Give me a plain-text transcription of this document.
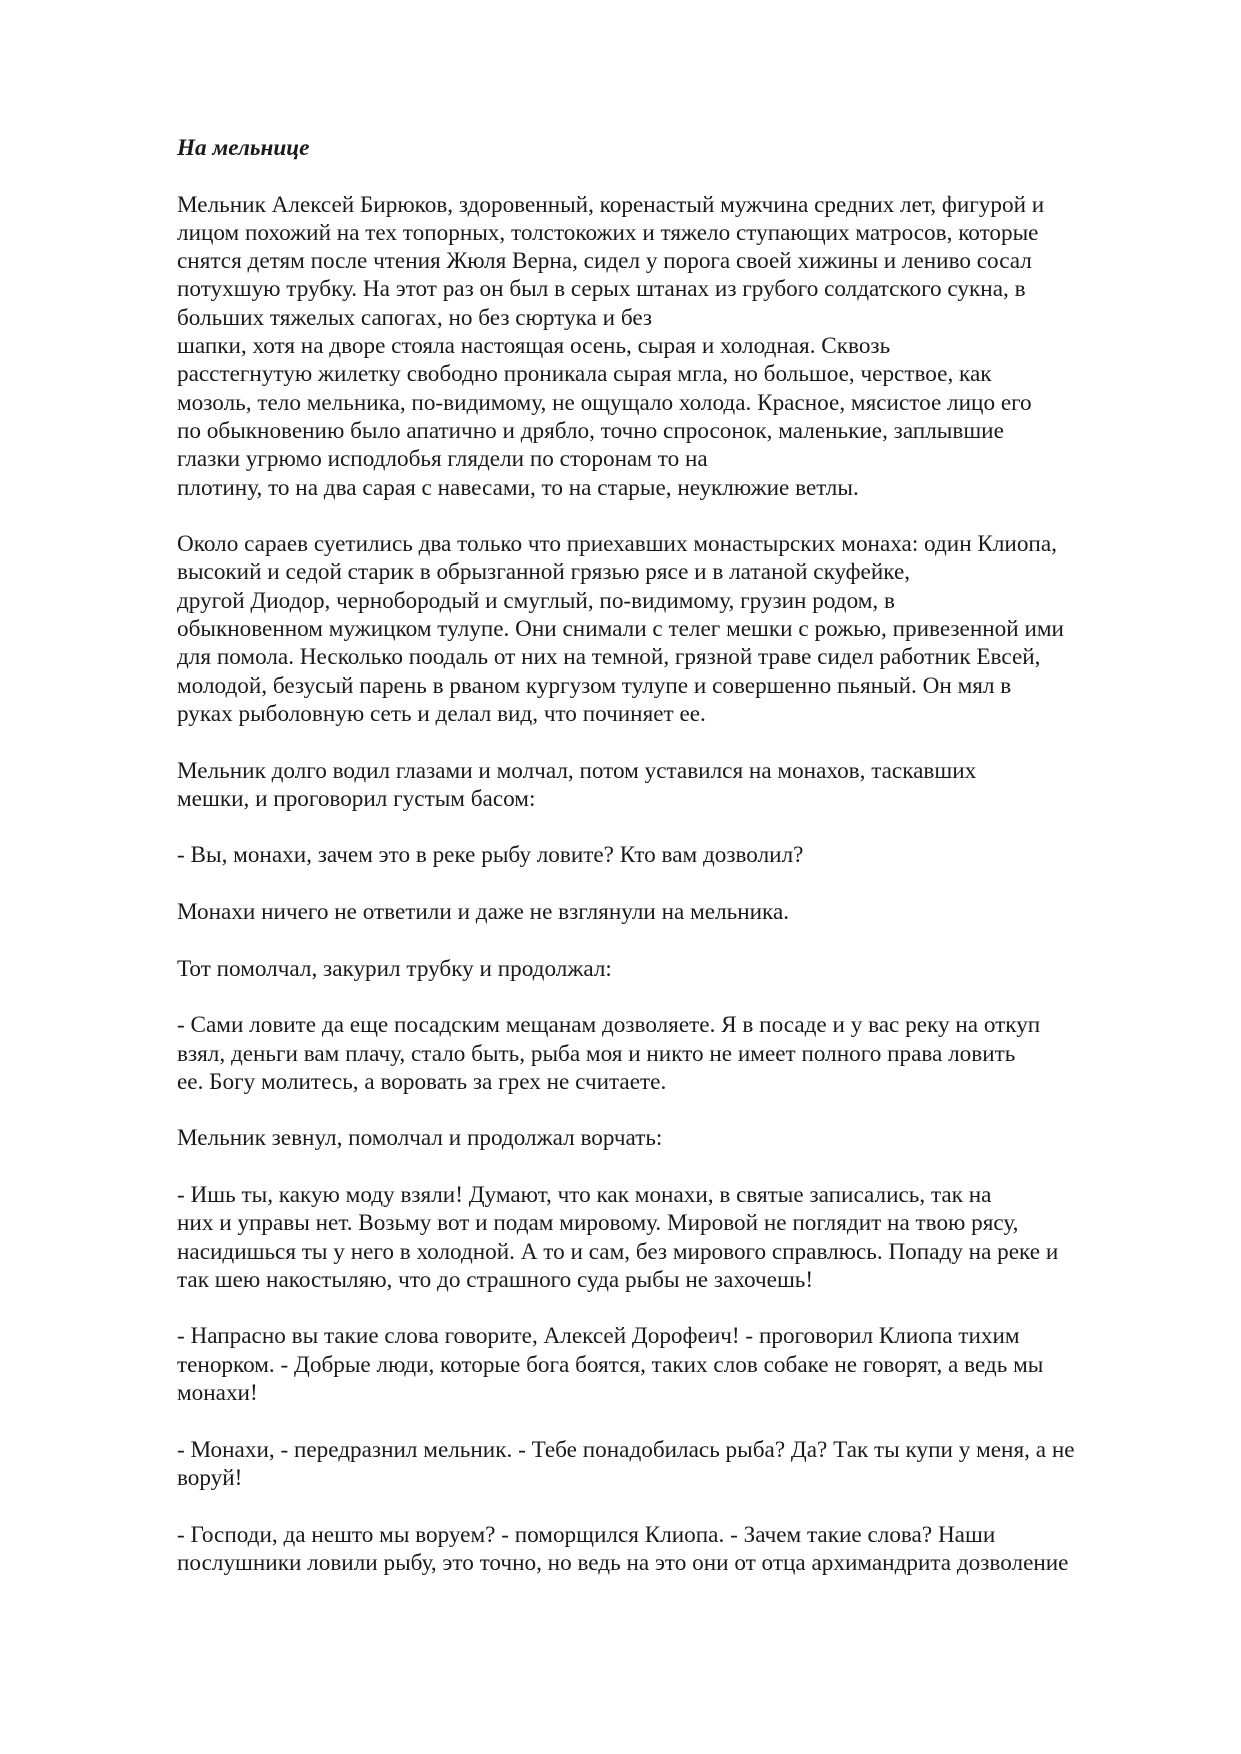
На мельнице
Мельник Алексей Бирюков, здоровенный, коренастый мужчина средних лет, фигурой и
лицом похожий на тех топорных, толстокожих и тяжело ступающих матросов, которые
снятся детям после чтения Жюля Верна, сидел у порога своей хижины и лениво сосал
потухшую трубку. На этот раз он был в серых штанах из грубого солдатского сукна, в
больших тяжелых сапогах, но без сюртука и без
шапки, хотя на дворе стояла настоящая осень, сырая и холодная. Сквозь
расстегнутую жилетку свободно проникала сырая мгла, но большое, черствое, как
мозоль, тело мельника, по-видимому, не ощущало холода. Красное, мясистое лицо его
по обыкновению было апатично и дрябло, точно спросонок, маленькие, заплывшие
глазки угрюмо исподлобья глядели по сторонам то на
плотину, то на два сарая с навесами, то на старые, неуклюжие ветлы.
Около сараев суетились два только что приехавших монастырских монаха: один Клиопа,
высокий и седой старик в обрызганной грязью рясе и в латаной скуфейке,
другой Диодор, чернобородый и смуглый, по-видимому, грузин родом, в
обыкновенном мужицком тулупе. Они снимали с телег мешки с рожью, привезенной ими
для помола. Несколько поодаль от них на темной, грязной траве сидел работник Евсей,
молодой, безусый парень в рваном кургузом тулупе и совершенно пьяный. Он мял в
руках рыболовную сеть и делал вид, что починяет ее.
Мельник долго водил глазами и молчал, потом уставился на монахов, таскавших
мешки, и проговорил густым басом:
- Вы, монахи, зачем это в реке рыбу ловите? Кто вам дозволил?
Монахи ничего не ответили и даже не взглянули на мельника.
Тот помолчал, закурил трубку и продолжал:
- Сами ловите да еще посадским мещанам дозволяете. Я в посаде и у вас реку на откуп
взял, деньги вам плачу, стало быть, рыба моя и никто не имеет полного права ловить
ее. Богу молитесь, а воровать за грех не считаете.
Мельник зевнул, помолчал и продолжал ворчать:
- Ишь ты, какую моду взяли! Думают, что как монахи, в святые записались, так на
них и управы нет. Возьму вот и подам мировому. Мировой не поглядит на твою рясу,
насидишься ты у него в холодной. А то и сам, без мирового справлюсь. Попаду на реке и
так шею накостыляю, что до страшного суда рыбы не захочешь!
- Напрасно вы такие слова говорите, Алексей Дорофеич! - проговорил Клиопа тихим
тенорком. - Добрые люди, которые бога боятся, таких слов собаке не говорят, а ведь мы
монахи!
- Монахи, - передразнил мельник. - Тебе понадобилась рыба? Да? Так ты купи у меня, а не
воруй!
- Господи, да нешто мы воруем? - поморщился Клиопа. - Зачем такие слова? Наши
послушники ловили рыбу, это точно, но ведь на это они от отца архимандрита дозволение
